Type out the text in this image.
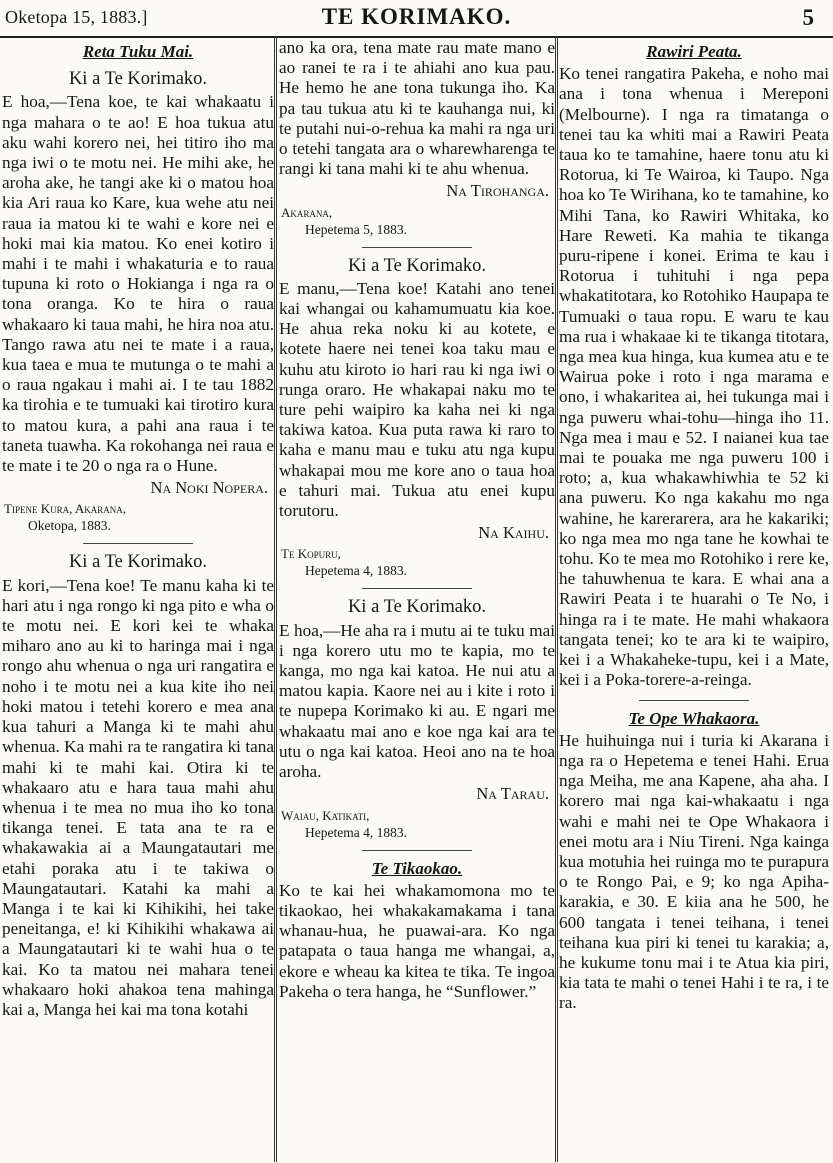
Oketopa 15, 1883.]	TE KORIMAKO.	5
Reta Tuku Mai.
Ki a Te Korimako.

E hoa,—Tena koe, te kai whakaatu i nga mahara o te ao! E hoa tukua atu aku wahi korero nei, hei titiro iho ma nga iwi o te motu nei. He mihi ake, he aroha ake, he tangi ake ki o matou hoa kia Ari raua ko Kare, kua wehe atu nei raua ia matou ki te wahi e kore nei e hoki mai kia matou. Ko enei kotiro i mahi i te mahi i whakaturia e to raua tupuna ki roto o Hokianga i nga ra o tona oranga. Ko te hira o raua whakaaro ki taua mahi, he hira noa atu. Tango rawa atu nei te mate i a raua, kua taea e mua te mutunga o te mahi a o raua ngakau i mahi ai. I te tau 1882 ka tirohia e te tumuaki kai tirotiro kura to matou kura, a pahi ana raua i te taneta tuawha. Ka rokohanga nei raua e te mate i te 20 o nga ra o Hune.

Na Noki Nopera.
Tipene Kura, Akarana,
Oketopa, 1883.
Ki a Te Korimako.

E kori,—Tena koe! Te manu kaha ki te hari atu i nga rongo ki nga pito e wha o te motu nei. E kori kei te whaka miharo ano au ki to haringa mai i nga rongo ahu whenua o nga uri rangatira e noho i te motu nei a kua kite iho nei hoki matou i tetehi korero e mea ana kua tahuri a Manga ki te mahi ahu whenua. Ka mahi ra te rangatira ki tana mahi ki te mahi kai. Otira ki te whakaaro atu e hara taua mahi ahu whenua i te mea no mua iho ko tona tikanga tenei. E tata ana te ra e whakawakia ai a Maungatautari me etahi poraka atu i te takiwa o Maungatautari. Katahi ka mahi a Manga i te kai ki Kihikihi, hei take peneitanga, e! ki Kihikihi whakawa ai a Maungatautari ki te wahi hua o te kai. Ko ta matou nei mahara tenei whakaaro hoki ahakoa tena mahinga kai a, Manga hei kai ma tona kotahi

ano ka ora, tena mate rau mate mano e ao ranei te ra i te ahiahi ano kua pau. He hemo he ane tona tukunga iho. Ka pa tau tukua atu ki te kauhanga nui, ki te putahi nui-o-rehua ka mahi ra nga uri o tetehi tangata ara o wharewharenga te rangi ki tana mahi ki te ahu whenua.

Na Tirohanga.
Akarana,
Hepetema 5, 1883.
Ki a Te Korimako.

E manu,—Tena koe! Katahi ano tenei kai whangai ou kahamumuatu kia koe. He ahua reka noku ki au kotete, e kotete haere nei tenei koa taku mau e kuhu atu kiroto io hari rau ki nga iwi o runga oraro. He whakapai naku mo te ture pehi waipiro ka kaha nei ki nga takiwa katoa. Kua puta rawa ki raro to kaha e manu mau e tuku atu nga kupu whakapai mou me kore ano o taua hoa e tahuri mai. Tukua atu enei kupu torutoru.

Na Kaihu.
Te Kopuru,
Hepetema 4, 1883.
Ki a Te Korimako.

E hoa,—He aha ra i mutu ai te tuku mai i nga korero utu mo te kapia, mo te kanga, mo nga kai katoa. He nui atu a matou kapia. Kaore nei au i kite i roto i te nupepa Korimako ki au. E ngari me whakaatu mai ano e koe nga kai ara te utu o nga kai katoa. Heoi ano na te hoa aroha.

Na Tarau.
Waiau, Katikati,
Hepetema 4, 1883.
Te Tikaokao.

Ko te kai hei whakamomona mo te tikaokao, hei whakakamakama i tana whanau-hua, he puawai-ara. Ko nga patapata o taua hanga me whangai, a, ekore e wheau ka kitea te tika. Te ingoa Pakeha o tera hanga, he “Sunflower.”

Rawiri Peata.

Ko tenei rangatira Pakeha, e noho mai ana i tona whenua i Mereponi (Melbourne). I nga ra timatanga o tenei tau ka whiti mai a Rawiri Peata taua ko te tamahine, haere tonu atu ki Rotorua, ki Te Wairoa, ki Taupo. Nga hoa ko Te Wirihana, ko te tamahine, ko Mihi Tana, ko Rawiri Whitaka, ko Hare Reweti. Ka mahia te tikanga puru-ripene i konei. Erima te kau i Rotorua i tuhituhi i nga pepa whakatitotara, ko Rotohiko Haupapa te Tumuaki o taua ropu. E waru te kau ma rua i whakaae ki te tikanga titotara, nga mea kua hinga, kua kumea atu e te Wairua poke i roto i nga marama e ono, i whakaritea ai, hei tukunga mai i nga puweru whai-tohu—hinga iho 11. Nga mea i mau e 52. I naianei kua tae mai te pouaka me nga puweru 100 i roto; a, kua whakawhiwhia te 52 ki ana puweru. Ko nga kakahu mo nga wahine, he karerarera, ara he kakariki; ko nga mea mo nga tane he kowhai te tohu. Ko te mea mo Rotohiko i rere ke, he tahuwhenua te kara. E whai ana a Rawiri Peata i te huarahi o Te No, i hinga ra i te mate. He mahi whakaora tangata tenei; ko te ara ki te waipiro, kei i a Whakaheke-tupu, kei i a Mate, kei i a Poka-torere-a-reinga.

Te Ope Whakaora.

He huihuinga nui i turia ki Akarana i nga ra o Hepetema e tenei Hahi. Erua nga Meiha, me ana Kapene, aha aha. I korero mai nga kai-whakaatu i nga wahi e mahi nei te Ope Whakaora i enei motu ara i Niu Tireni. Nga kainga kua motuhia hei ruinga mo te purapura o te Rongo Pai, e 9; ko nga Apiha-karakia, e 30. E kiia ana he 500, he 600 tangata i tenei teihana, i tenei teihana kua piri ki tenei tu karakia; a, he kukume tonu mai i te Atua kia piri, kia tata te mahi o tenei Hahi i te ra, i te ra.
